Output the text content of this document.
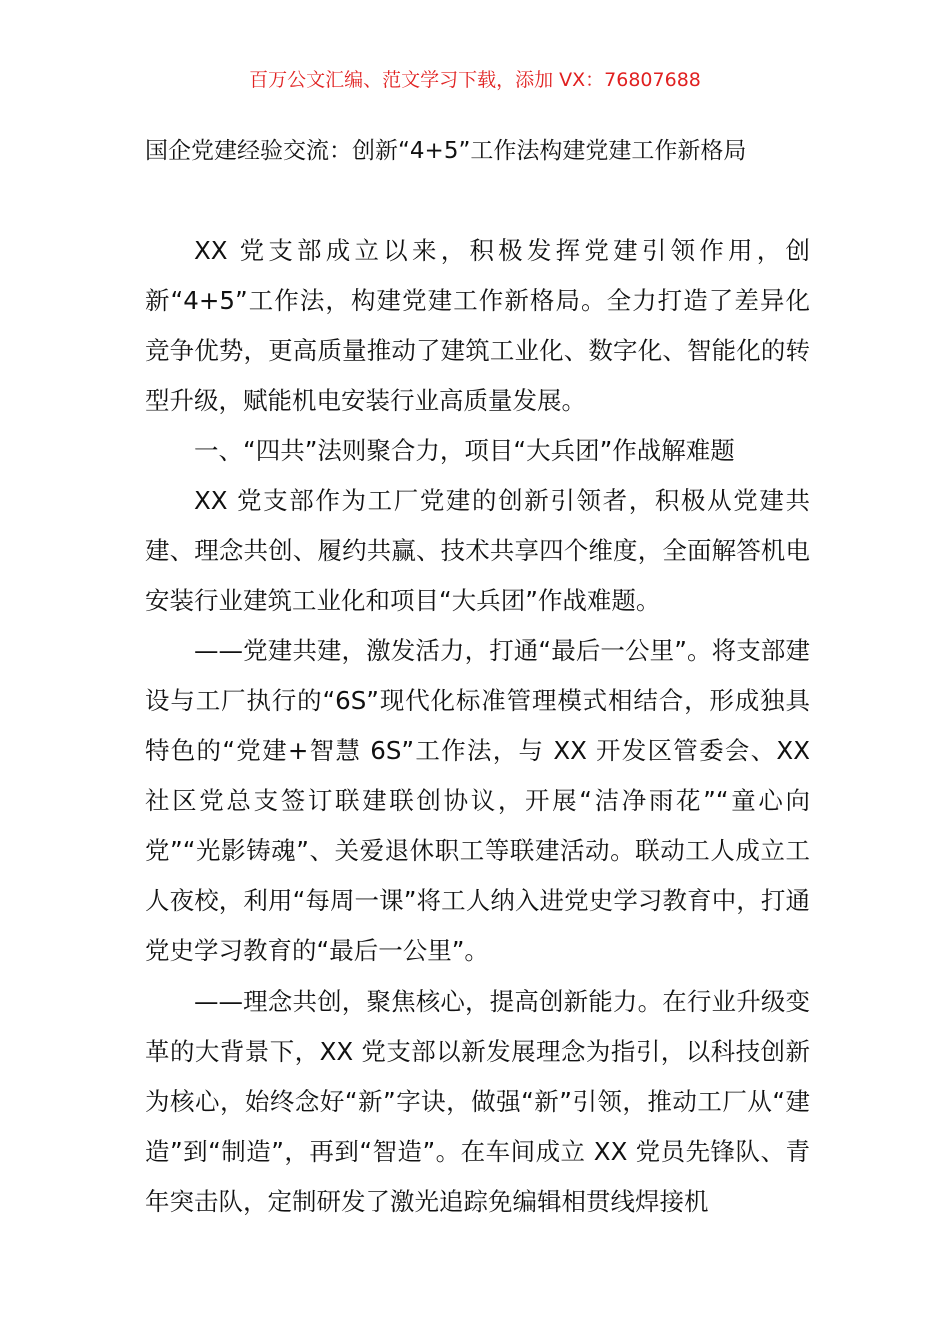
百万公文汇编、范文学习下载，添加 VX：76807688
国企党建经验交流：创新“4+5”工作法构建党建工作新格局

XX 党支部成立以来，积极发挥党建引领作用，创新“4+5”工作法，构建党建工作新格局。全力打造了差异化竞争优势，更高质量推动了建筑工业化、数字化、智能化的转型升级，赋能机电安装行业高质量发展。

一、“四共”法则聚合力，项目“大兵团”作战解难题

XX 党支部作为工厂党建的创新引领者，积极从党建共建、理念共创、履约共赢、技术共享四个维度，全面解答机电安装行业建筑工业化和项目“大兵团”作战难题。

——党建共建，激发活力，打通“最后一公里”。将支部建设与工厂执行的“6S”现代化标准管理模式相结合，形成独具特色的“党建+智慧 6S”工作法，与 XX 开发区管委会、XX 社区党总支签订联建联创协议，开展“洁净雨花”“童心向党”“光影铸魂”、关爱退休职工等联建活动。联动工人成立工人夜校，利用“每周一课”将工人纳入进党史学习教育中，打通党史学习教育的“最后一公里”。

——理念共创，聚焦核心，提高创新能力。在行业升级变革的大背景下，XX 党支部以新发展理念为指引，以科技创新为核心，始终念好“新”字诀，做强“新”引领，推动工厂从“建造”到“制造”，再到“智造”。在车间成立 XX 党员先锋队、青年突击队，定制研发了激光追踪免编辑相贯线焊接机
